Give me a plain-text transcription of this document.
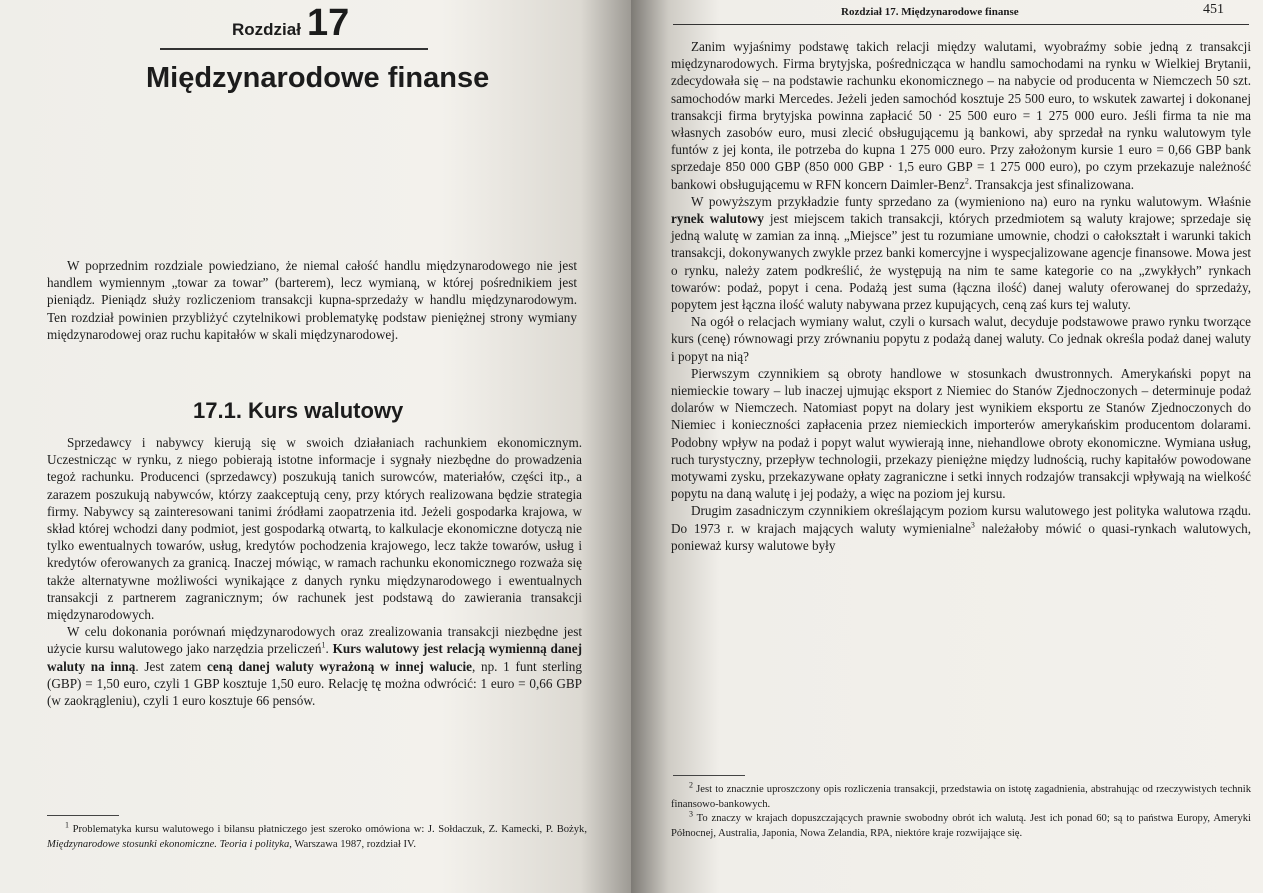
Rozdział 17
Międzynarodowe finanse

W poprzednim rozdziale powiedziano, że niemal całość handlu międzynarodowego nie jest handlem wymiennym „towar za towar” (barterem), lecz wymianą, w której pośrednikiem jest pieniądz. Pieniądz służy rozliczeniom transakcji kupna-sprzedaży w handlu międzynarodowym. Ten rozdział powinien przybliżyć czytelnikowi problematykę podstaw pieniężnej strony wymiany międzynarodowej oraz ruchu kapitałów w skali międzynarodowej.

17.1. Kurs walutowy

Sprzedawcy i nabywcy kierują się w swoich działaniach rachunkiem ekonomicznym. Uczestnicząc w rynku, z niego pobierają istotne informacje i sygnały niezbędne do prowadzenia tegoż rachunku. Producenci (sprzedawcy) poszukują tanich surowców, materiałów, części itp., a zarazem poszukują nabywców, którzy zaakceptują ceny, przy których realizowana będzie strategia firmy. Nabywcy są zainteresowani tanimi źródłami zaopatrzenia itd. Jeżeli gospodarka krajowa, w skład której wchodzi dany podmiot, jest gospodarką otwartą, to kalkulacje ekonomiczne dotyczą nie tylko ewentualnych towarów, usług, kredytów pochodzenia krajowego, lecz także towarów, usług i kredytów oferowanych za granicą. Inaczej mówiąc, w ramach rachunku ekonomicznego rozważa się także alternatywne możliwości wynikające z danych rynku międzynarodowego i ewentualnych transakcji z partnerem zagranicznym; ów rachunek jest podstawą do zawierania transakcji międzynarodowych.

W celu dokonania porównań międzynarodowych oraz zrealizowania transakcji niezbędne jest użycie kursu walutowego jako narzędzia przeliczeń$^1$. Kurs walutowy jest relacją wymienną danej waluty na inną. Jest zatem ceną danej waluty wyrażoną w innej walucie, np. 1 funt sterling (GBP) = 1,50 euro, czyli 1 GBP kosztuje 1,50 euro. Relację tę można odwrócić: 1 euro = 0,66 GBP (w zaokrągleniu), czyli 1 euro kosztuje 66 pensów.

$^1$ Problematyka kursu walutowego i bilansu płatniczego jest szeroko omówiona w: J. Sołdaczuk, Z. Kamecki, P. Bożyk, Międzynarodowe stosunki ekonomiczne. Teoria i polityka, Warszawa 1987, rozdział IV.

Rozdział 17. Międzynarodowe finanse	451

Zanim wyjaśnimy podstawę takich relacji między walutami, wyobraźmy sobie jedną z transakcji międzynarodowych. Firma brytyjska, pośrednicząca w handlu samochodami na rynku w Wielkiej Brytanii, zdecydowała się – na podstawie rachunku ekonomicznego – na nabycie od producenta w Niemczech 50 szt. samochodów marki Mercedes. Jeżeli jeden samochód kosztuje 25 500 euro, to wskutek zawartej i dokonanej transakcji firma brytyjska powinna zapłacić 50 · 25 500 euro = 1 275 000 euro. Jeśli firma ta nie ma własnych zasobów euro, musi zlecić obsługującemu ją bankowi, aby sprzedał na rynku walutowym tyle funtów z jej konta, ile potrzeba do kupna 1 275 000 euro. Przy założonym kursie 1 euro = 0,66 GBP bank sprzedaje 850 000 GBP (850 000 GBP · 1,5 euro GBP = 1 275 000 euro), po czym przekazuje należność bankowi obsługującemu w RFN koncern Daimler-Benz$^2$. Transakcja jest sfinalizowana.

W powyższym przykładzie funty sprzedano za (wymieniono na) euro na rynku walutowym. Właśnie rynek walutowy jest miejscem takich transakcji, których przedmiotem są waluty krajowe; sprzedaje się jedną walutę w zamian za inną. „Miejsce” jest tu rozumiane umownie, chodzi o całokształt i warunki takich transakcji, dokonywanych zwykle przez banki komercyjne i wyspecjalizowane agencje finansowe. Mowa jest o rynku, należy zatem podkreślić, że występują na nim te same kategorie co na „zwykłych” rynkach towarów: podaż, popyt i cena. Podażą jest suma (łączna ilość) danej waluty oferowanej do sprzedaży, popytem jest łączna ilość waluty nabywana przez kupujących, ceną zaś kurs tej waluty.

Na ogół o relacjach wymiany walut, czyli o kursach walut, decyduje podstawowe prawo rynku tworzące kurs (cenę) równowagi przy zrównaniu popytu z podażą danej waluty. Co jednak określa podaż danej waluty i popyt na nią?

Pierwszym czynnikiem są obroty handlowe w stosunkach dwustronnych. Amerykański popyt na niemieckie towary – lub inaczej ujmując eksport z Niemiec do Stanów Zjednoczonych – determinuje podaż dolarów w Niemczech. Natomiast popyt na dolary jest wynikiem eksportu ze Stanów Zjednoczonych do Niemiec i konieczności zapłacenia przez niemieckich importerów amerykańskim producentom dolarami. Podobny wpływ na podaż i popyt walut wywierają inne, niehandlowe obroty ekonomiczne. Wymiana usług, ruch turystyczny, przepływ technologii, przekazy pieniężne między ludnością, ruchy kapitałów powodowane motywami zysku, przekazywane opłaty zagraniczne i setki innych rodzajów transakcji wpływają na wielkość popytu na daną walutę i jej podaży, a więc na poziom jej kursu.

Drugim zasadniczym czynnikiem określającym poziom kursu walutowego jest polityka walutowa rządu. Do 1973 r. w krajach mających waluty wymienialne$^3$ należałoby mówić o quasi-rynkach walutowych, ponieważ kursy walutowe były

$^2$ Jest to znacznie uproszczony opis rozliczenia transakcji, przedstawia on istotę zagadnienia, abstrahując od rzeczywistych technik finansowo-bankowych.

$^3$ To znaczy w krajach dopuszczających prawnie swobodny obrót ich walutą. Jest ich ponad 60; są to państwa Europy, Ameryki Północnej, Australia, Japonia, Nowa Zelandia, RPA, niektóre kraje rozwijające się.
